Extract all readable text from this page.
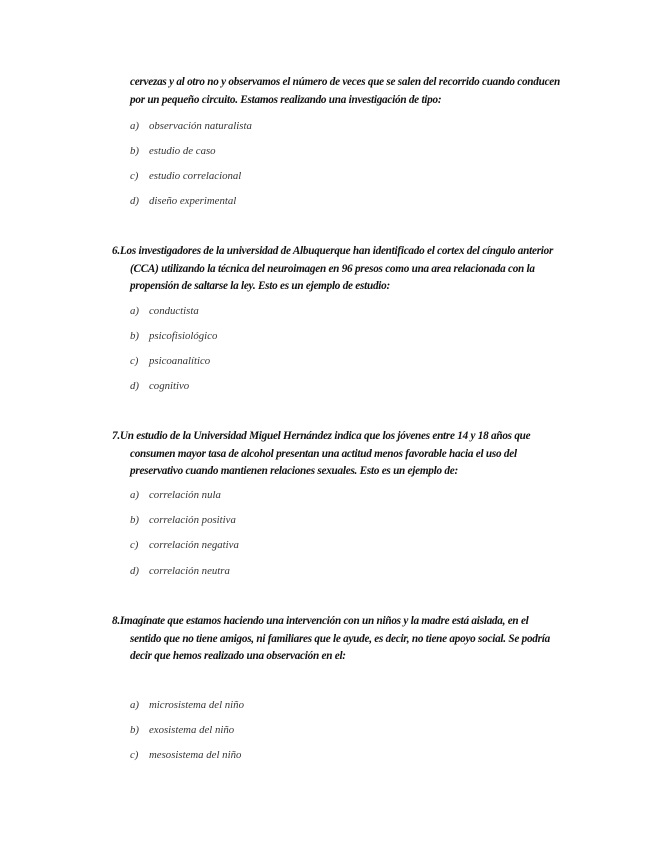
cervezas y al otro no y observamos el número de veces que se salen del recorrido cuando conducen
por un pequeño circuito. Estamos realizando una investigación de tipo:
a) observación naturalista
b) estudio de caso
c) estudio correlacional
d) diseño experimental
6.Los investigadores de la universidad de Albuquerque han identificado el cortex del cíngulo anterior
(CCA) utilizando la técnica del neuroimagen en 96 presos como una area relacionada con la
propensión de saltarse la ley. Esto es un ejemplo de estudio:
a) conductista
b) psicofisiológico
c) psicoanalítico
d) cognitivo
7.Un estudio de la Universidad Miguel Hernández indica que los jóvenes entre 14 y 18 años que
consumen mayor tasa de alcohol presentan una actitud menos favorable hacia el uso del
preservativo cuando mantienen relaciones sexuales. Esto es un ejemplo de:
a) correlación nula
b) correlación positiva
c) correlación negativa
d) correlación neutra
8.Imagínate que estamos haciendo una intervención con un niños y la madre está aislada, en el
sentido que no tiene amigos, ni familiares que le ayude, es decir, no tiene apoyo social. Se podría
decir que hemos realizado una observación en el:
a) microsistema del niño
b) exosistema del niño
c) mesosistema del niño
